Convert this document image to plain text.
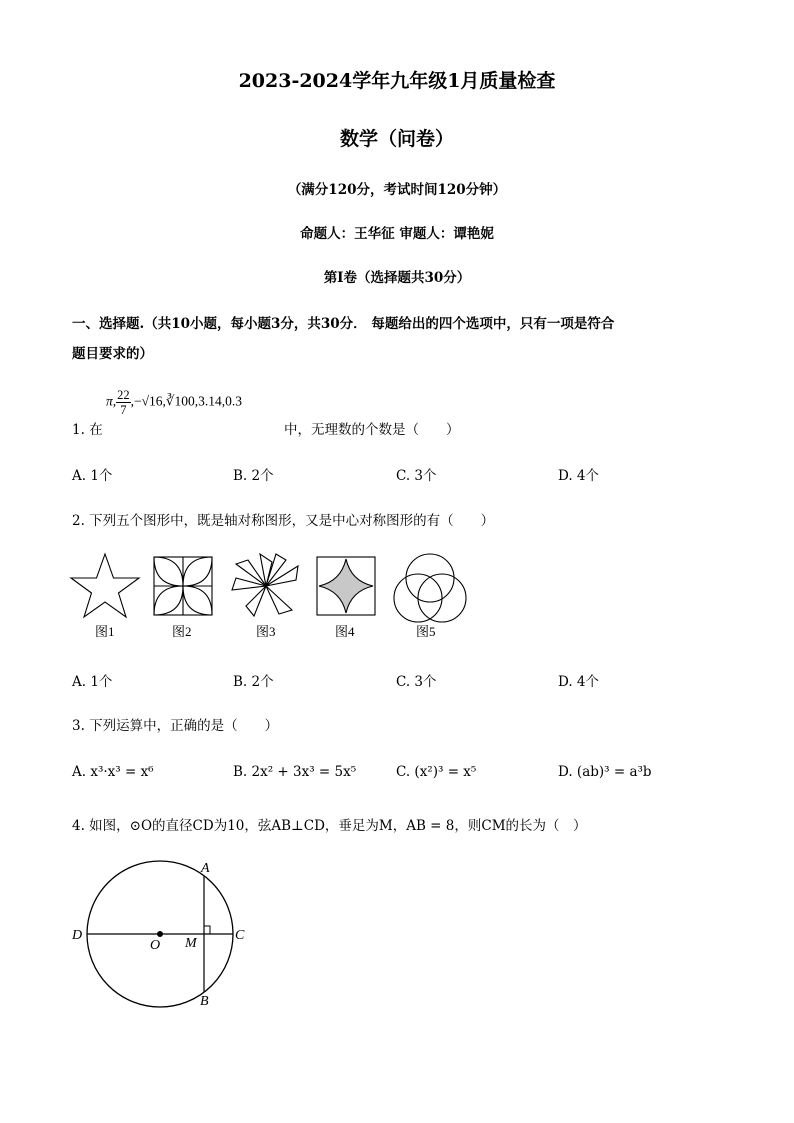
2023-2024学年九年级1月质量检查
数学（问卷）
（满分120分，考试时间120分钟）
命题人：王华征 审题人：谭艳妮
第Ⅰ卷（选择题共30分）
一、选择题.（共10小题，每小题3分，共30分． 每题给出的四个选项中，只有一项是符合
题目要求的）
1. 在
π, $\frac{22}{7}$ ,−√16,∛100,3.14,0.3
中，无理数的个数是（　　）
A. 1个	B. 2个	C. 3个	D. 4个
2. 下列五个图形中，既是轴对称图形，又是中心对称图形的有（　　）
图1	图2	图3	图4	图5
A. 1个	B. 2个	C. 3个	D. 4个
3. 下列运算中，正确的是（　　）
A. x³·x³ = x⁶	B. 2x² + 3x³ = 5x⁵	C. (x²)³ = x⁵	D. (ab)³ = a³b
4. 如图，⊙O的直径CD为10，弦AB⊥CD，垂足为M，AB = 8，则CM的长为（　）
A
B
C
D
O M
